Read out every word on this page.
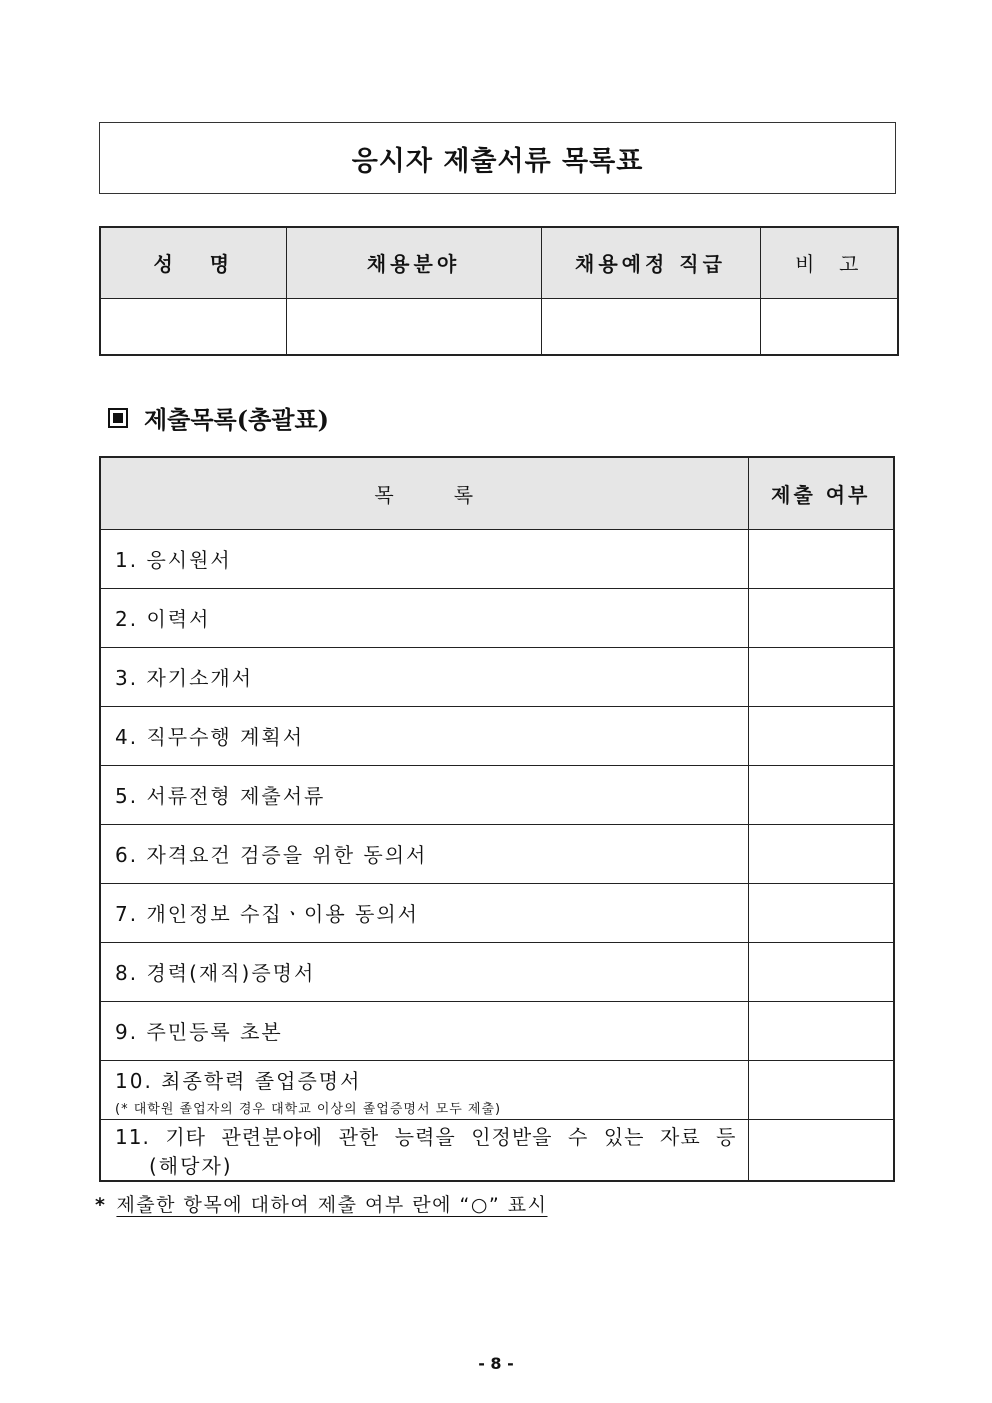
응시자 제출서류 목록표
성   명	채용분야	채용예정 직급	비  고

제출목록(총괄표)
목록	제출 여부
1. 응시원서	
2. 이력서	
3. 자기소개서	
4. 직무수행 계획서	
5. 서류전형 제출서류	
6. 자격요건 검증을 위한 동의서	
7. 개인정보 수집ㆍ이용 동의서	
8. 경력(재직)증명서	
9. 주민등록 초본	

10. 최종학력 졸업증명서
(* 대학원 졸업자의 경우 대학교 이상의 졸업증명서 모두 제출)	

11. 기타 관련분야에 관한 능력을 인정받을 수 있는 자료 등
(해당자)	

* 제출한 항목에 대하여 제출 여부 란에 “○” 표시
- 8 -
